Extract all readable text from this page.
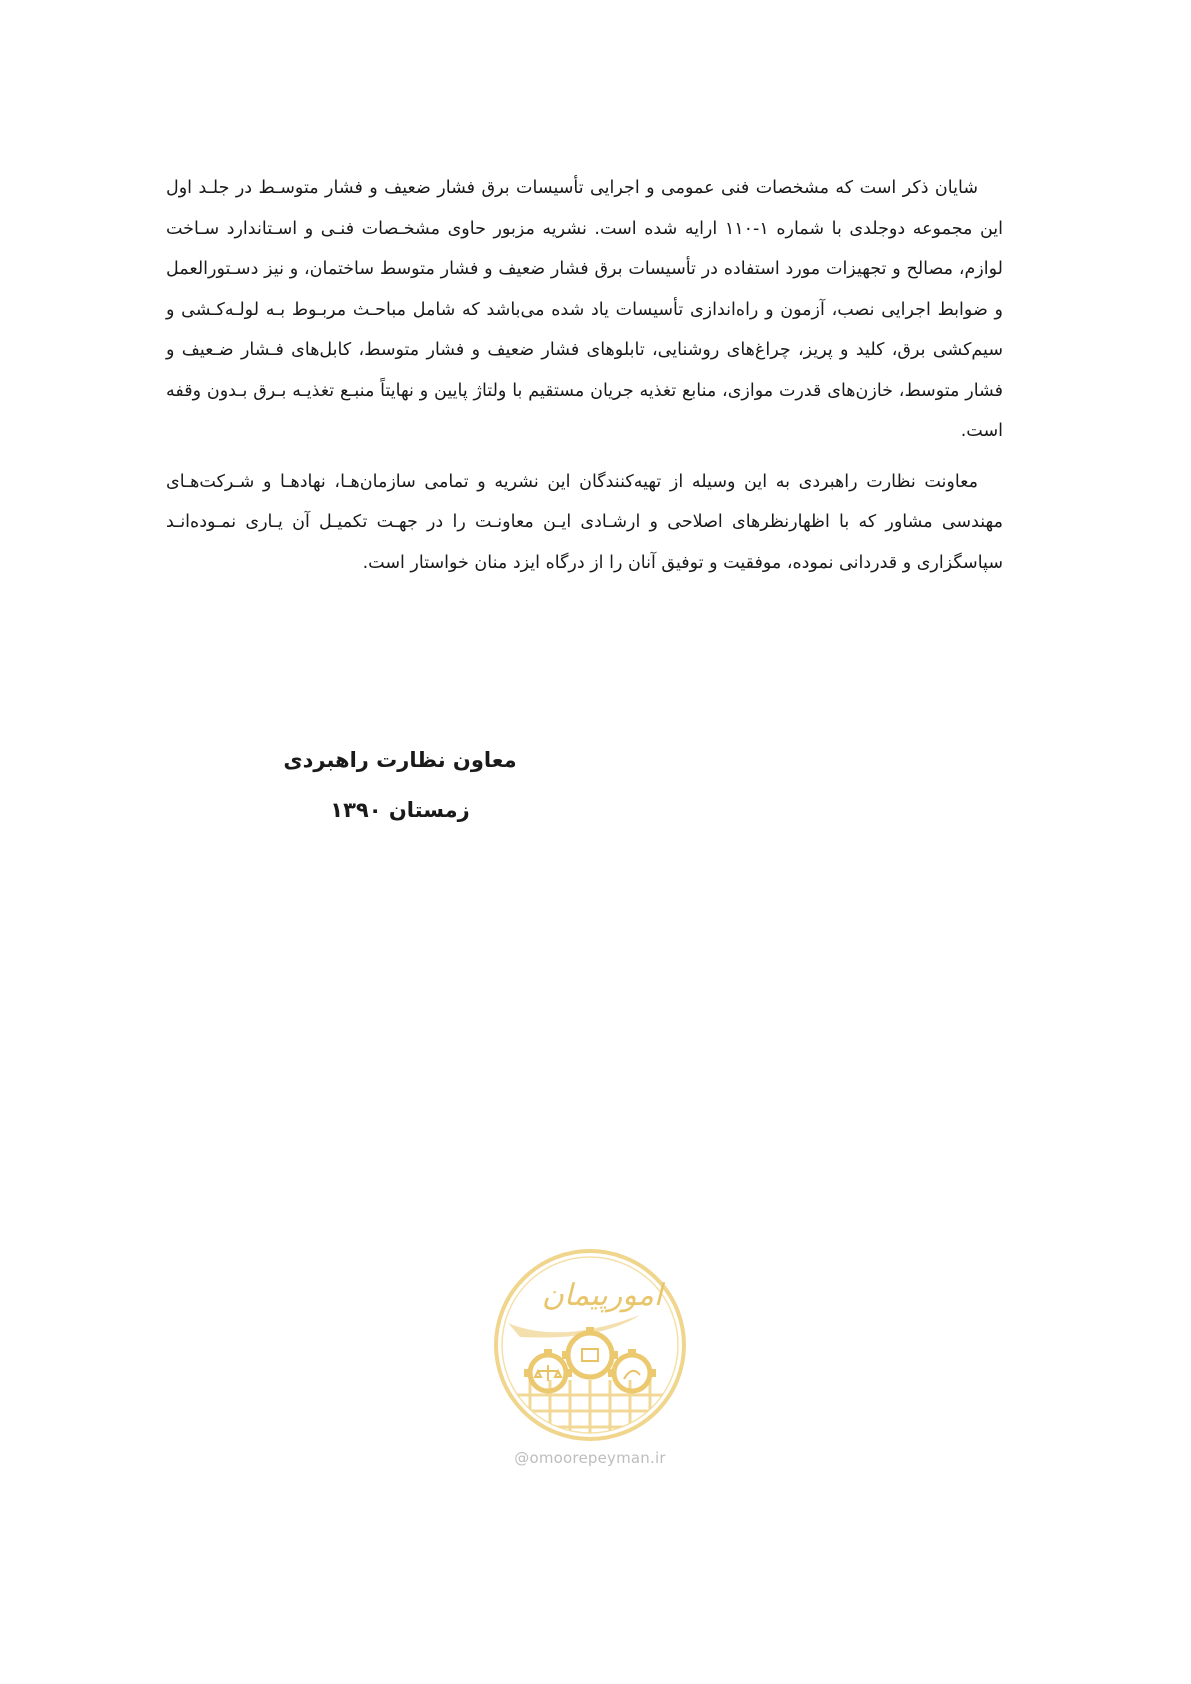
شایان ذکر است که مشخصات فنی عمومی و اجرایی تأسیسات برق فشار ضعیف و فشار متوسـط در جلـد اول این مجموعه دوجلدی با شماره ۱-۱۱۰ ارایه شده است. نشریه مزبور حاوی مشخـصات فنـی و اسـتاندارد سـاخت لوازم، مصالح و تجهیزات مورد استفاده در تأسیسات برق فشار ضعیف و فشار متوسط ساختمان، و نیز دسـتورالعمل و ضوابط اجرایی نصب، آزمون و راه‌اندازی تأسیسات یاد شده می‌باشد که شامل مباحـث مربـوط بـه لولـه‌کـشی و سیم‌کشی برق، کلید و پریز، چراغ‌های روشنایی، تابلوهای فشار ضعیف و فشار متوسط، کابل‌های فـشار ضـعیف و فشار متوسط، خازن‌های قدرت موازی، منابع تغذیه جریان مستقیم با ولتاژ پایین و نهایتاً منبـع تغذیـه بـرق بـدون وقفه است.

معاونت نظارت راهبردی به این وسیله از تهیه‌کنندگان این نشریه و تمامی سازمان‌هـا، نهادهـا و شـرکت‌هـای مهندسی مشاور که با اظهارنظرهای اصلاحی و ارشـادی ایـن معاونـت را در جهـت تکمیـل آن یـاری نمـوده‌انـد سپاسگزاری و قدردانی نموده، موفقیت و توفیق آنان را از درگاه ایزد منان خواستار است.

معاون نظارت راهبردی
زمستان ۱۳۹۰
امورپیمان
@omoorepeyman.ir
